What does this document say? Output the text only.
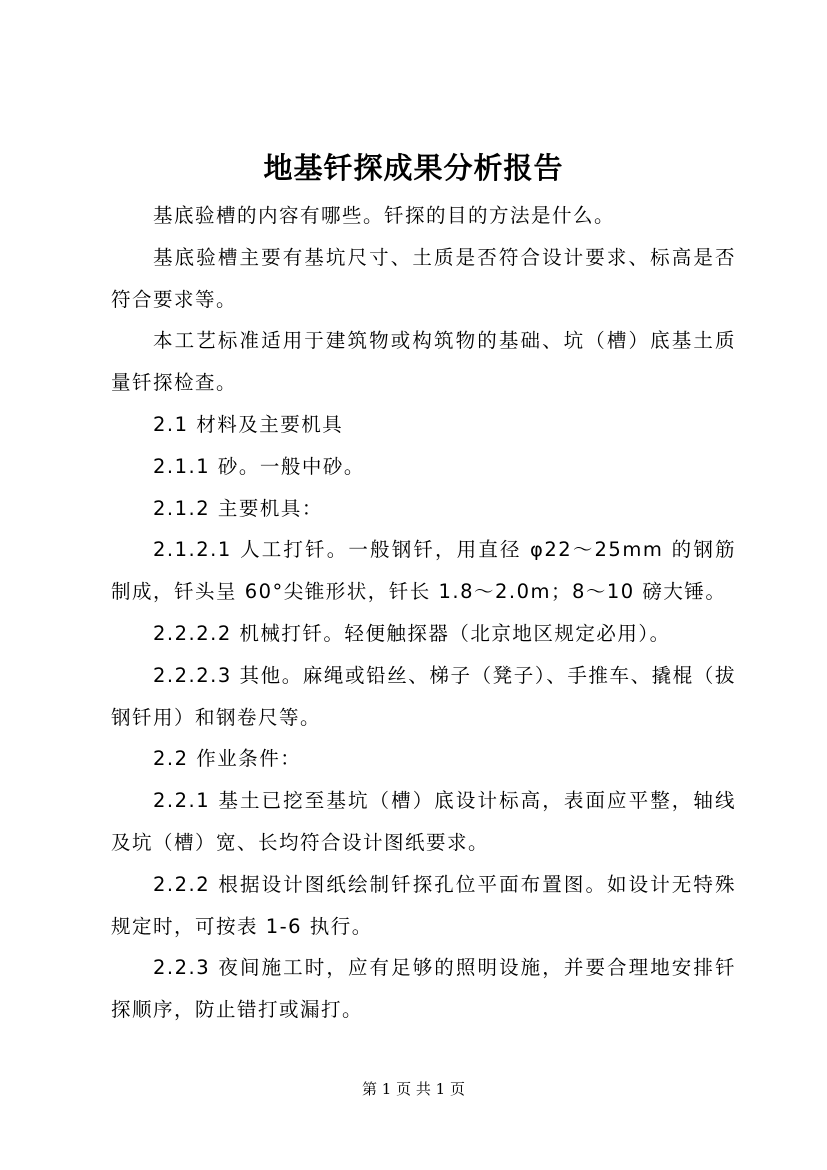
地基钎探成果分析报告

基底验槽的内容有哪些。钎探的目的方法是什么。

基底验槽主要有基坑尺寸、土质是否符合设计要求、标高是否符合要求等。

本工艺标准适用于建筑物或构筑物的基础、坑（槽）底基土质量钎探检查。

2.1 材料及主要机具

2.1.1 砂。一般中砂。

2.1.2 主要机具：

2.1.2.1 人工打钎。一般钢钎，用直径 φ22～25mm 的钢筋制成，钎头呈 60°尖锥形状，钎长 1.8～2.0m；8～10 磅大锤。

2.2.2.2 机械打钎。轻便触探器（北京地区规定必用）。

2.2.2.3 其他。麻绳或铅丝、梯子（凳子）、手推车、撬棍（拔钢钎用）和钢卷尺等。

2.2 作业条件：

2.2.1 基土已挖至基坑（槽）底设计标高，表面应平整，轴线及坑（槽）宽、长均符合设计图纸要求。

2.2.2 根据设计图纸绘制钎探孔位平面布置图。如设计无特殊规定时，可按表 1-6 执行。

2.2.3 夜间施工时，应有足够的照明设施，并要合理地安排钎探顺序，防止错打或漏打。

第 1 页 共 1 页
